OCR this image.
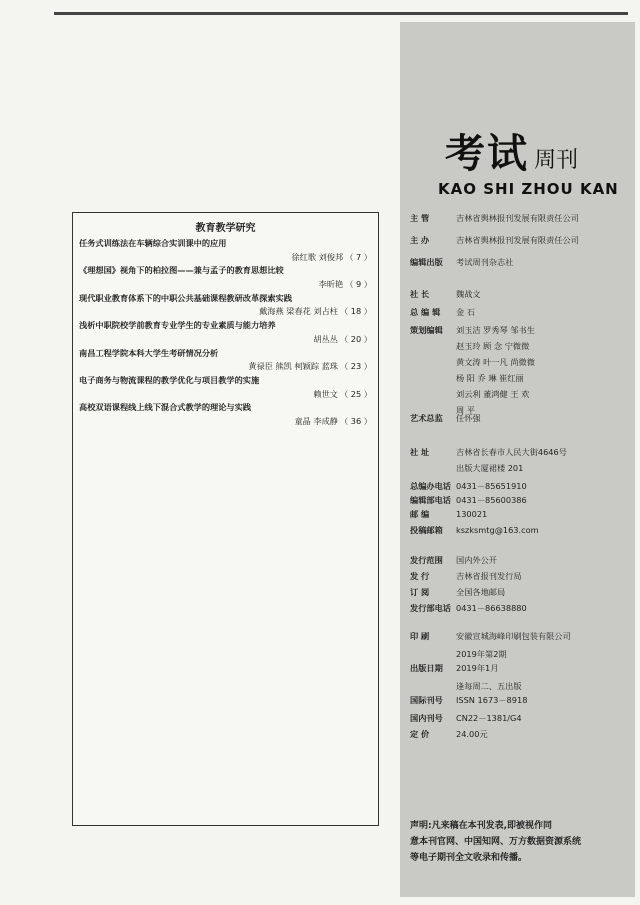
考试 周刊
KAO SHI ZHOU KAN
教育教学研究
任务式训练法在车辆综合实训课中的应用
徐红歌 刘俊邦 （ 7 ）
《理想国》视角下的柏拉图——兼与孟子的教育思想比较
李昕艳 （ 9 ）
现代职业教育体系下的中职公共基础课程教研改革探索实践
戴海燕 梁春花 刘占柱 （ 18 ）
浅析中职院校学前教育专业学生的专业素质与能力培养
胡丛丛 （ 20 ）
南昌工程学院本科大学生考研情况分析
黄禄臣 熊凯 柯颖踪 蓝珠 （ 23 ）
电子商务与物流课程的教学优化与项目教学的实施
赖世文 （ 25 ）
高校双语课程线上线下混合式教学的理论与实践
童晶 李成静 （ 36 ）
主 管	吉林省舆林报刊发展有限责任公司
主 办	吉林省舆林报刊发展有限责任公司
编辑出版	考试周刊杂志社
社 长	魏战文
总 编 辑	金 石
策划编辑	刘玉洁 罗秀琴 邹书生
赵玉玲 顾 念 宁微微
黄文涛 叶一凡 尚微微
杨 阳 乔 琳 崔红丽
刘云利 董鸿健 王 欢
周 平
艺术总监	任怀强
社 址	吉林省长春市人民大街4646号
出版大厦裙楼 201
总编办电话 0431－85651910
编辑部电话 0431－85600386
邮 编	130021
投稿邮箱	kszksmtg@163.com
发行范围	国内外公开
发 行	吉林省报刊发行局
订 阅	全国各地邮局
发行部电话 0431－86638880
印 刷	安徽宣城海峰印刷包装有限公司
2019年第2期
出版日期	2019年1月
逢每周二、五出版
国际刊号	ISSN 1673－8918
国内刊号	CN22－1381/G4
定 价	24.00元
声明:凡来稿在本刊发表,即被视作同
意本刊官网、中国知网、万方数据资源系统
等电子期刊全文收录和传播。
